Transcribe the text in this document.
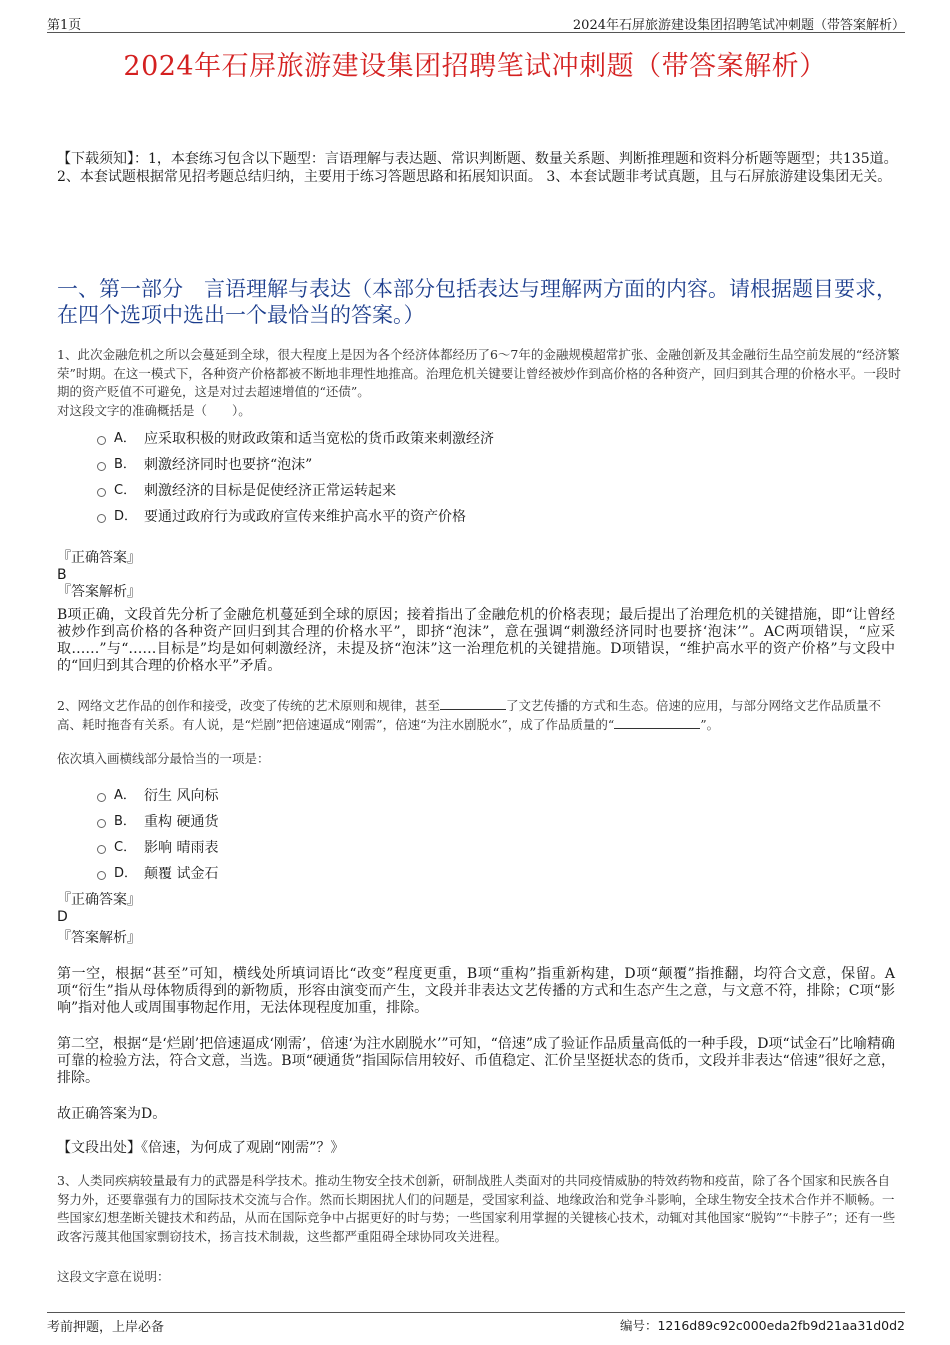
第1页	2024年石屏旅游建设集团招聘笔试冲刺题（带答案解析）
2024年石屏旅游建设集团招聘笔试冲刺题（带答案解析）
【下载须知】：1，本套练习包含以下题型：言语理解与表达题、常识判断题、数量关系题、判断推理题和资料分析题等题型；共135道。 2、本套试题根据常见招考题总结归纳，主要用于练习答题思路和拓展知识面。 3、本套试题非考试真题，且与石屏旅游建设集团无关。
一、第一部分　言语理解与表达（本部分包括表达与理解两方面的内容。请根据题目要求，在四个选项中选出一个最恰当的答案。）
1、此次金融危机之所以会蔓延到全球，很大程度上是因为各个经济体都经历了6～7年的金融规模超常扩张、金融创新及其金融衍生品空前发展的“经济繁荣”时期。在这一模式下，各种资产价格都被不断地非理性地推高。治理危机关键要让曾经被炒作到高价格的各种资产，回归到其合理的价格水平。一段时期的资产贬值不可避免，这是对过去超速增值的“还债”。
对这段文字的准确概括是（　　）。
A． 应采取积极的财政政策和适当宽松的货币政策来刺激经济
B． 刺激经济同时也要挤“泡沫”
C． 刺激经济的目标是促使经济正常运转起来
D． 要通过政府行为或政府宣传来维护高水平的资产价格
『正确答案』
B
『答案解析』
B项正确，文段首先分析了金融危机蔓延到全球的原因；接着指出了金融危机的价格表现；最后提出了治理危机的关键措施，即“让曾经被炒作到高价格的各种资产回归到其合理的价格水平”，即挤“泡沫”，意在强调“刺激经济同时也要挤‘泡沫’”。AC两项错误，“应采取……”与“……目标是”均是如何刺激经济，未提及挤“泡沫”这一治理危机的关键措施。D项错误，“维护高水平的资产价格”与文段中的“回归到其合理的价格水平”矛盾。
2、网络文艺作品的创作和接受，改变了传统的艺术原则和规律，甚至	了文艺传播的方式和生态。倍速的应用，与部分网络文艺作品质量不高、耗时拖沓有关系。有人说，是“烂剧”把倍速逼成“刚需”，倍速“为注水剧脱水”，成了作品质量的“	”。
依次填入画横线部分最恰当的一项是：
A． 衍生 风向标
B． 重构 硬通货
C． 影响 晴雨表
D． 颠覆 试金石
『正确答案』
D
『答案解析』
第一空，根据“甚至”可知，横线处所填词语比“改变”程度更重，B项“重构”指重新构建，D项“颠覆”指推翻，均符合文意，保留。A项“衍生”指从母体物质得到的新物质，形容由演变而产生，文段并非表达文艺传播的方式和生态产生之意，与文意不符，排除；C项“影响”指对他人或周围事物起作用，无法体现程度加重，排除。
第二空，根据“是‘烂剧’把倍速逼成‘刚需’，倍速‘为注水剧脱水’”可知，“倍速”成了验证作品质量高低的一种手段，D项“试金石”比喻精确可靠的检验方法，符合文意，当选。B项“硬通货”指国际信用较好、币值稳定、汇价呈坚挺状态的货币，文段并非表达“倍速”很好之意，排除。
故正确答案为D。
【文段出处】《倍速，为何成了观剧“刚需”？》
3、人类同疾病较量最有力的武器是科学技术。推动生物安全技术创新，研制战胜人类面对的共同疫情威胁的特效药物和疫苗，除了各个国家和民族各自努力外，还要靠强有力的国际技术交流与合作。然而长期困扰人们的问题是，受国家利益、地缘政治和党争斗影响，全球生物安全技术合作并不顺畅。一些国家幻想垄断关键技术和药品，从而在国际竞争中占据更好的时与势；一些国家利用掌握的关键核心技术，动辄对其他国家“脱钩”“卡脖子”；还有一些政客污蔑其他国家剽窃技术，扬言技术制裁，这些都严重阻碍全球协同攻关进程。
这段文字意在说明：
考前押题，上岸必备	编号：1216d89c92c000eda2fb9d21aa31d0d2
